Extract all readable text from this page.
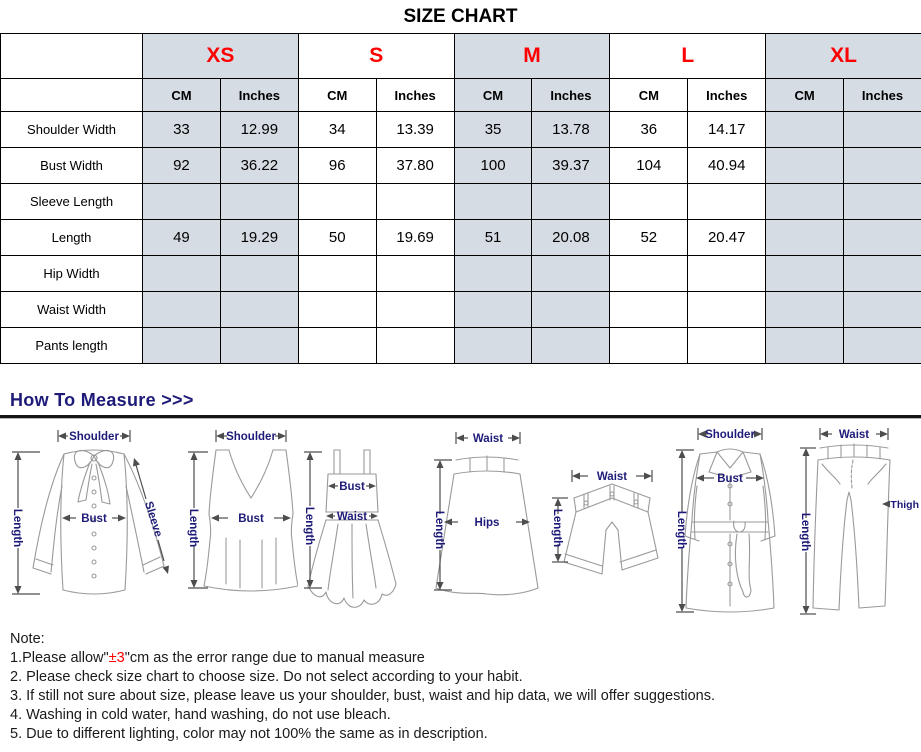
SIZE CHART
	XS		S		M		L		XL	
	CM	Inches	CM	Inches	CM	Inches	CM	Inches	CM	Inches
Shoulder Width	33	12.99	34	13.39	35	13.78	36	14.17		
Bust Width	92	36.22	96	37.80	100	39.37	104	40.94		
Sleeve Length										
Length	49	19.29	50	19.69	51	20.08	52	20.47		
Hip Width										
Waist Width										
Pants length										
How To Measure >>>
Shoulder
Length	Bust	Sleeve
Shoulder
Length	Bust
Bust
Waist
Length
Waist
Length	Hips
Waist
Length
Shoulder
Bust
Length
Waist
Thigh
Length
Note:
1.Please allow"±3"cm as the error range due to manual measure
2. Please check size chart to choose size. Do not select according to your habit.
3. If still not sure about size, please leave us your shoulder, bust, waist and hip data, we will offer suggestions.
4. Washing in cold water, hand washing, do not use bleach.
5. Due to different lighting, color may not 100% the same as in description.
